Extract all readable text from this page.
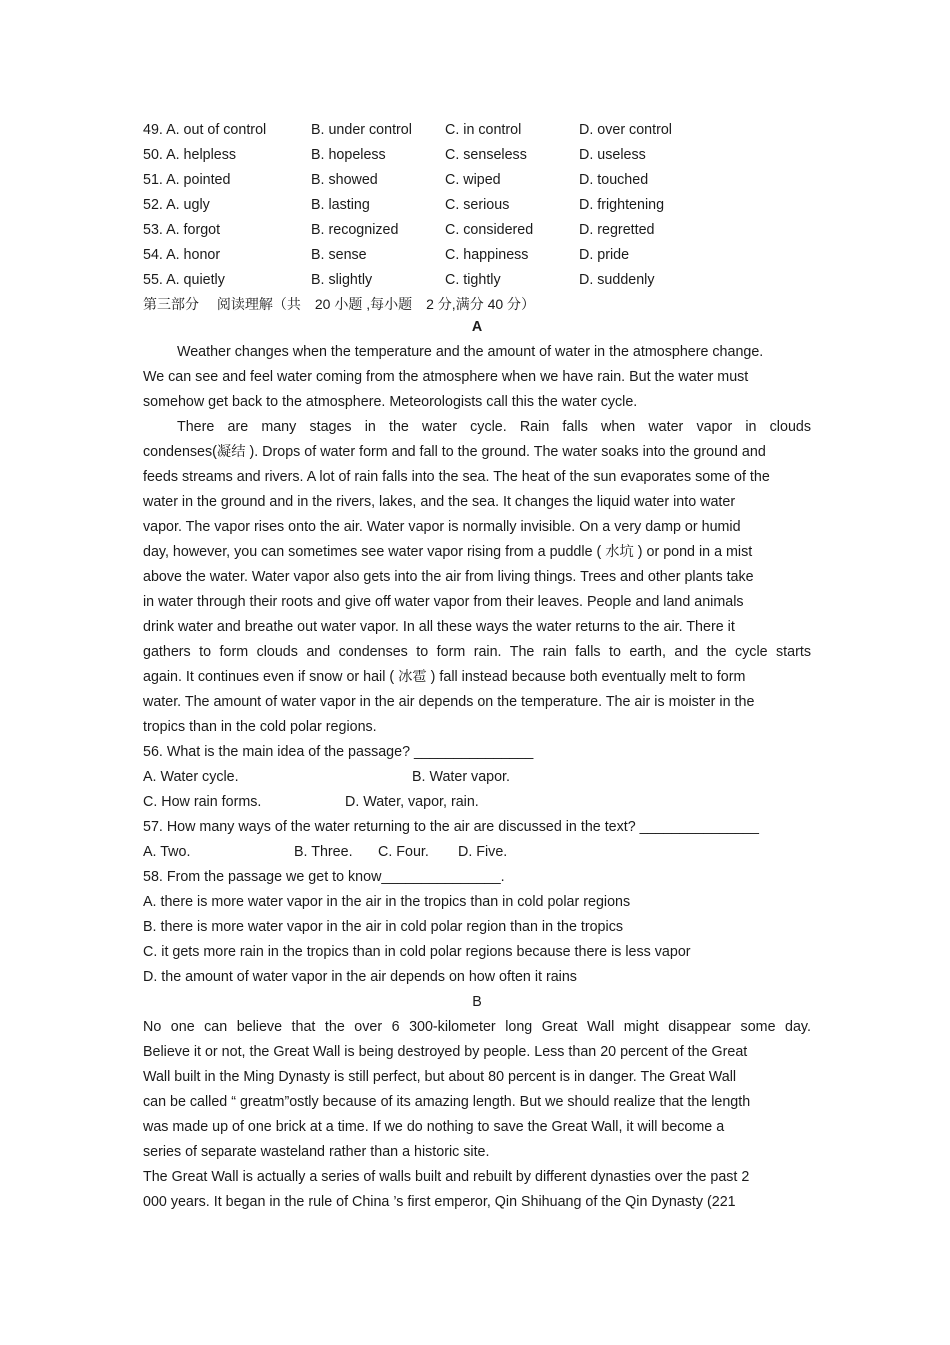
49. A. out of control	B. under control C. in control	D. over control
50. A. helpless	B. hopeless	C. senseless	D. useless
51. A. pointed	B. showed	C. wiped	D. touched
52. A. ugly	B. lasting	C. serious	D. frightening
53. A. forgot	B. recognized	C. considered	D. regretted
54. A. honor	B. sense	C. happiness	D. pride
55. A. quietly	B. slightly	C. tightly	D. suddenly
第三部分　 阅读理解（共　20 小题 ,每小题　2 分,满分 40 分）
A
Weather changes when the temperature and the amount of water in the atmosphere change.
We can see and feel water coming from the atmosphere when we have rain. But the water must
somehow get back to the atmosphere. Meteorologists call this the water cycle.
There are many stages in the water cycle. Rain falls when water vapor in clouds
condenses(凝结 ). Drops of water form and fall to the ground. The water soaks into the ground and
feeds streams and rivers. A lot of rain falls into the sea. The heat of the sun evaporates some of the
water in the ground and in the rivers, lakes, and the sea. It changes the liquid water into water
vapor. The vapor rises onto the air. Water vapor is normally invisible. On a very damp or humid
day, however, you can sometimes see water vapor rising from a puddle ( 水坑 ) or pond in a mist
above the water. Water vapor also gets into the air from living things. Trees and other plants take
in water through their roots and give off water vapor from their leaves. People and land animals
drink water and breathe out water vapor. In all these ways the water returns to the air. There it
gathers to form clouds and condenses to form rain. The rain falls to earth, and the cycle starts
again. It continues even if snow or hail ( 冰雹 ) fall instead because both eventually melt to form
water. The amount of water vapor in the air depends on the temperature. The air is moister in the
tropics than in the cold polar regions.
56. What is the main idea of the passage? _______________
A. Water cycle.	B. Water vapor.
C. How rain forms.	D. Water, vapor, rain.
57. How many ways of the water returning to the air are discussed in the text? _______________
A. Two.	B. Three. C. Four. D. Five.
58. From the passage we get to know_______________.
A. there is more water vapor in the air in the tropics than in cold polar regions
B. there is more water vapor in the air in cold polar region than in the tropics
C. it gets more rain in the tropics than in cold polar regions because there is less vapor
D. the amount of water vapor in the air depends on how often it rains
B
No one can believe that the over 6 300-kilometer long Great Wall might disappear some day.
Believe it or not, the Great Wall is being destroyed by people. Less than 20 percent of the Great
Wall built in the Ming Dynasty is still perfect, but about 80 percent is in danger. The Great Wall
can be called “ greatm”ostly because of its amazing length. But we should realize that the length
was made up of one brick at a time. If we do nothing to save the Great Wall, it will become a
series of separate wasteland rather than a historic site.
The Great Wall is actually a series of walls built and rebuilt by different dynasties over the past 2
000 years. It began in the rule of China ’s first emperor, Qin Shihuang of the Qin Dynasty (221
